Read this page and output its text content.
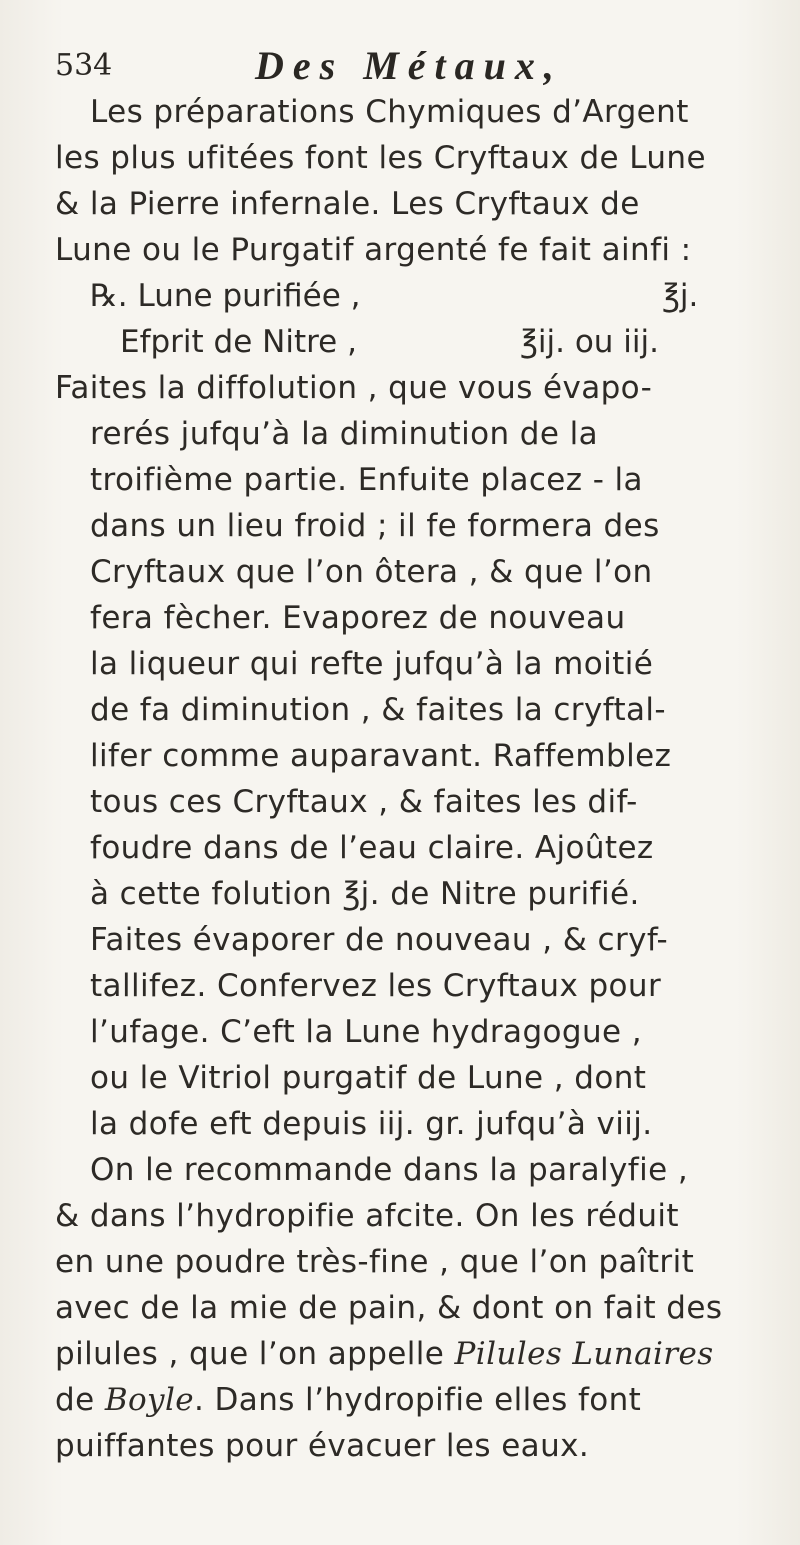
534	Des Métaux,
Les préparations Chymiques d’Argent
les plus ufitées font les Cryftaux de Lune
& la Pierre infernale. Les Cryftaux de
Lune ou le Purgatif argenté fe fait ainfi :
℞. Lune purifiée ,	℥j.
Efprit de Nitre ,	℥ij. ou iij.
Faites la diffolution , que vous évapo-
rerés jufqu’à la diminution de la
troifième partie. Enfuite placez - la
dans un lieu froid ; il fe formera des
Cryftaux que l’on ôtera , & que l’on
fera fècher. Evaporez de nouveau
la liqueur qui refte jufqu’à la moitié
de fa diminution , & faites la cryftal-
lifer comme auparavant. Raffemblez
tous ces Cryftaux , & faites les dif-
foudre dans de l’eau claire. Ajoûtez
à cette folution ℥j. de Nitre purifié.
Faites évaporer de nouveau , & cryf-
tallifez. Confervez les Cryftaux pour
l’ufage. C’eft la Lune hydragogue ,
ou le Vitriol purgatif de Lune , dont
la dofe eft depuis iij. gr. jufqu’à viij.
On le recommande dans la paralyfie ,
& dans l’hydropifie afcite. On les réduit
en une poudre très-fine , que l’on paîtrit
avec de la mie de pain, & dont on fait des
pilules , que l’on appelle Pilules Lunaires
de Boyle. Dans l’hydropifie elles font
puiffantes pour évacuer les eaux.
